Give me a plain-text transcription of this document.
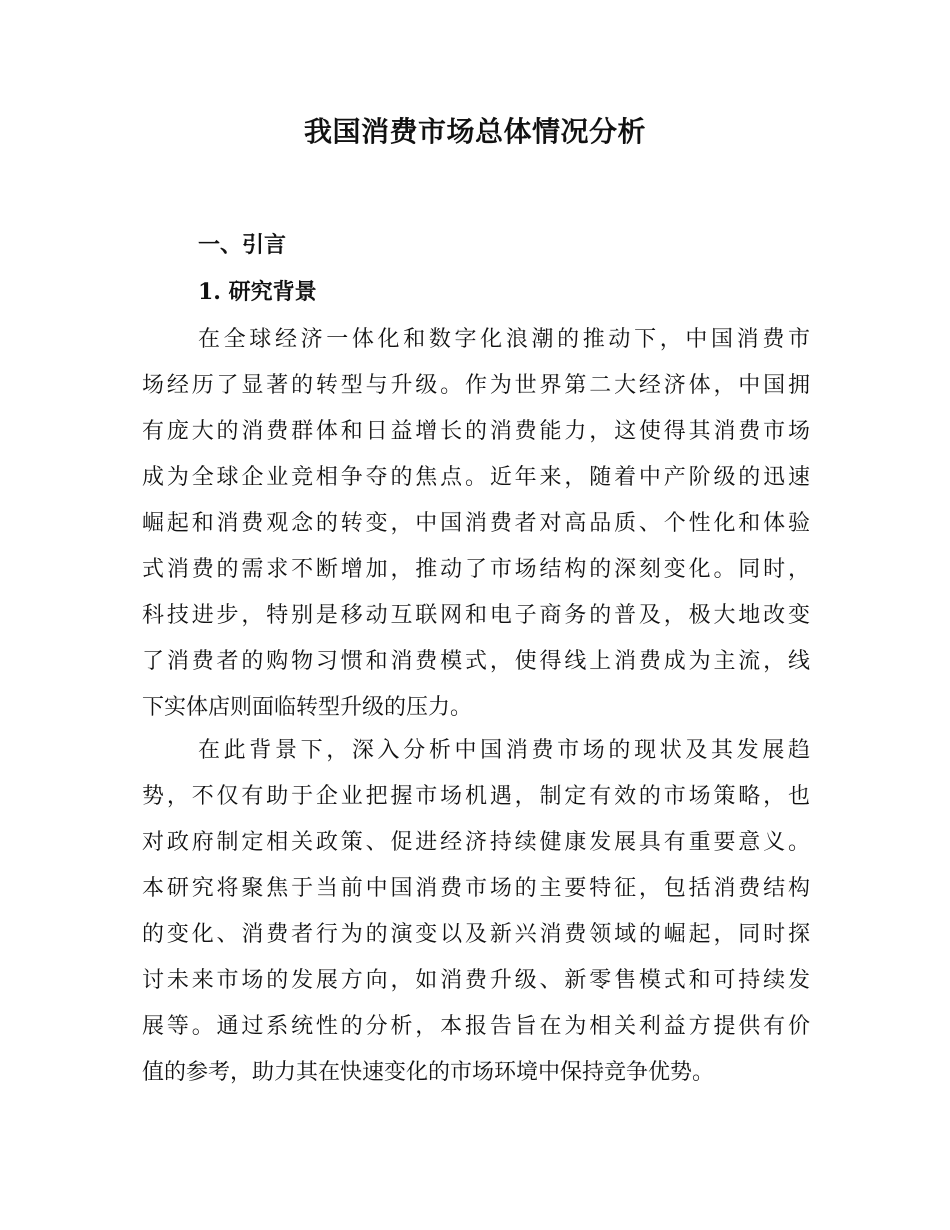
我国消费市场总体情况分析
一、引言
1. 研究背景
在全球经济一体化和数字化浪潮的推动下，中国消费市
场经历了显著的转型与升级。作为世界第二大经济体，中国拥
有庞大的消费群体和日益增长的消费能力，这使得其消费市场
成为全球企业竞相争夺的焦点。近年来，随着中产阶级的迅速
崛起和消费观念的转变，中国消费者对高品质、个性化和体验
式消费的需求不断增加，推动了市场结构的深刻变化。同时，
科技进步，特别是移动互联网和电子商务的普及，极大地改变
了消费者的购物习惯和消费模式，使得线上消费成为主流，线
下实体店则面临转型升级的压力。
在此背景下，深入分析中国消费市场的现状及其发展趋
势，不仅有助于企业把握市场机遇，制定有效的市场策略，也
对政府制定相关政策、促进经济持续健康发展具有重要意义。
本研究将聚焦于当前中国消费市场的主要特征，包括消费结构
的变化、消费者行为的演变以及新兴消费领域的崛起，同时探
讨未来市场的发展方向，如消费升级、新零售模式和可持续发
展等。通过系统性的分析，本报告旨在为相关利益方提供有价
值的参考，助力其在快速变化的市场环境中保持竞争优势。
